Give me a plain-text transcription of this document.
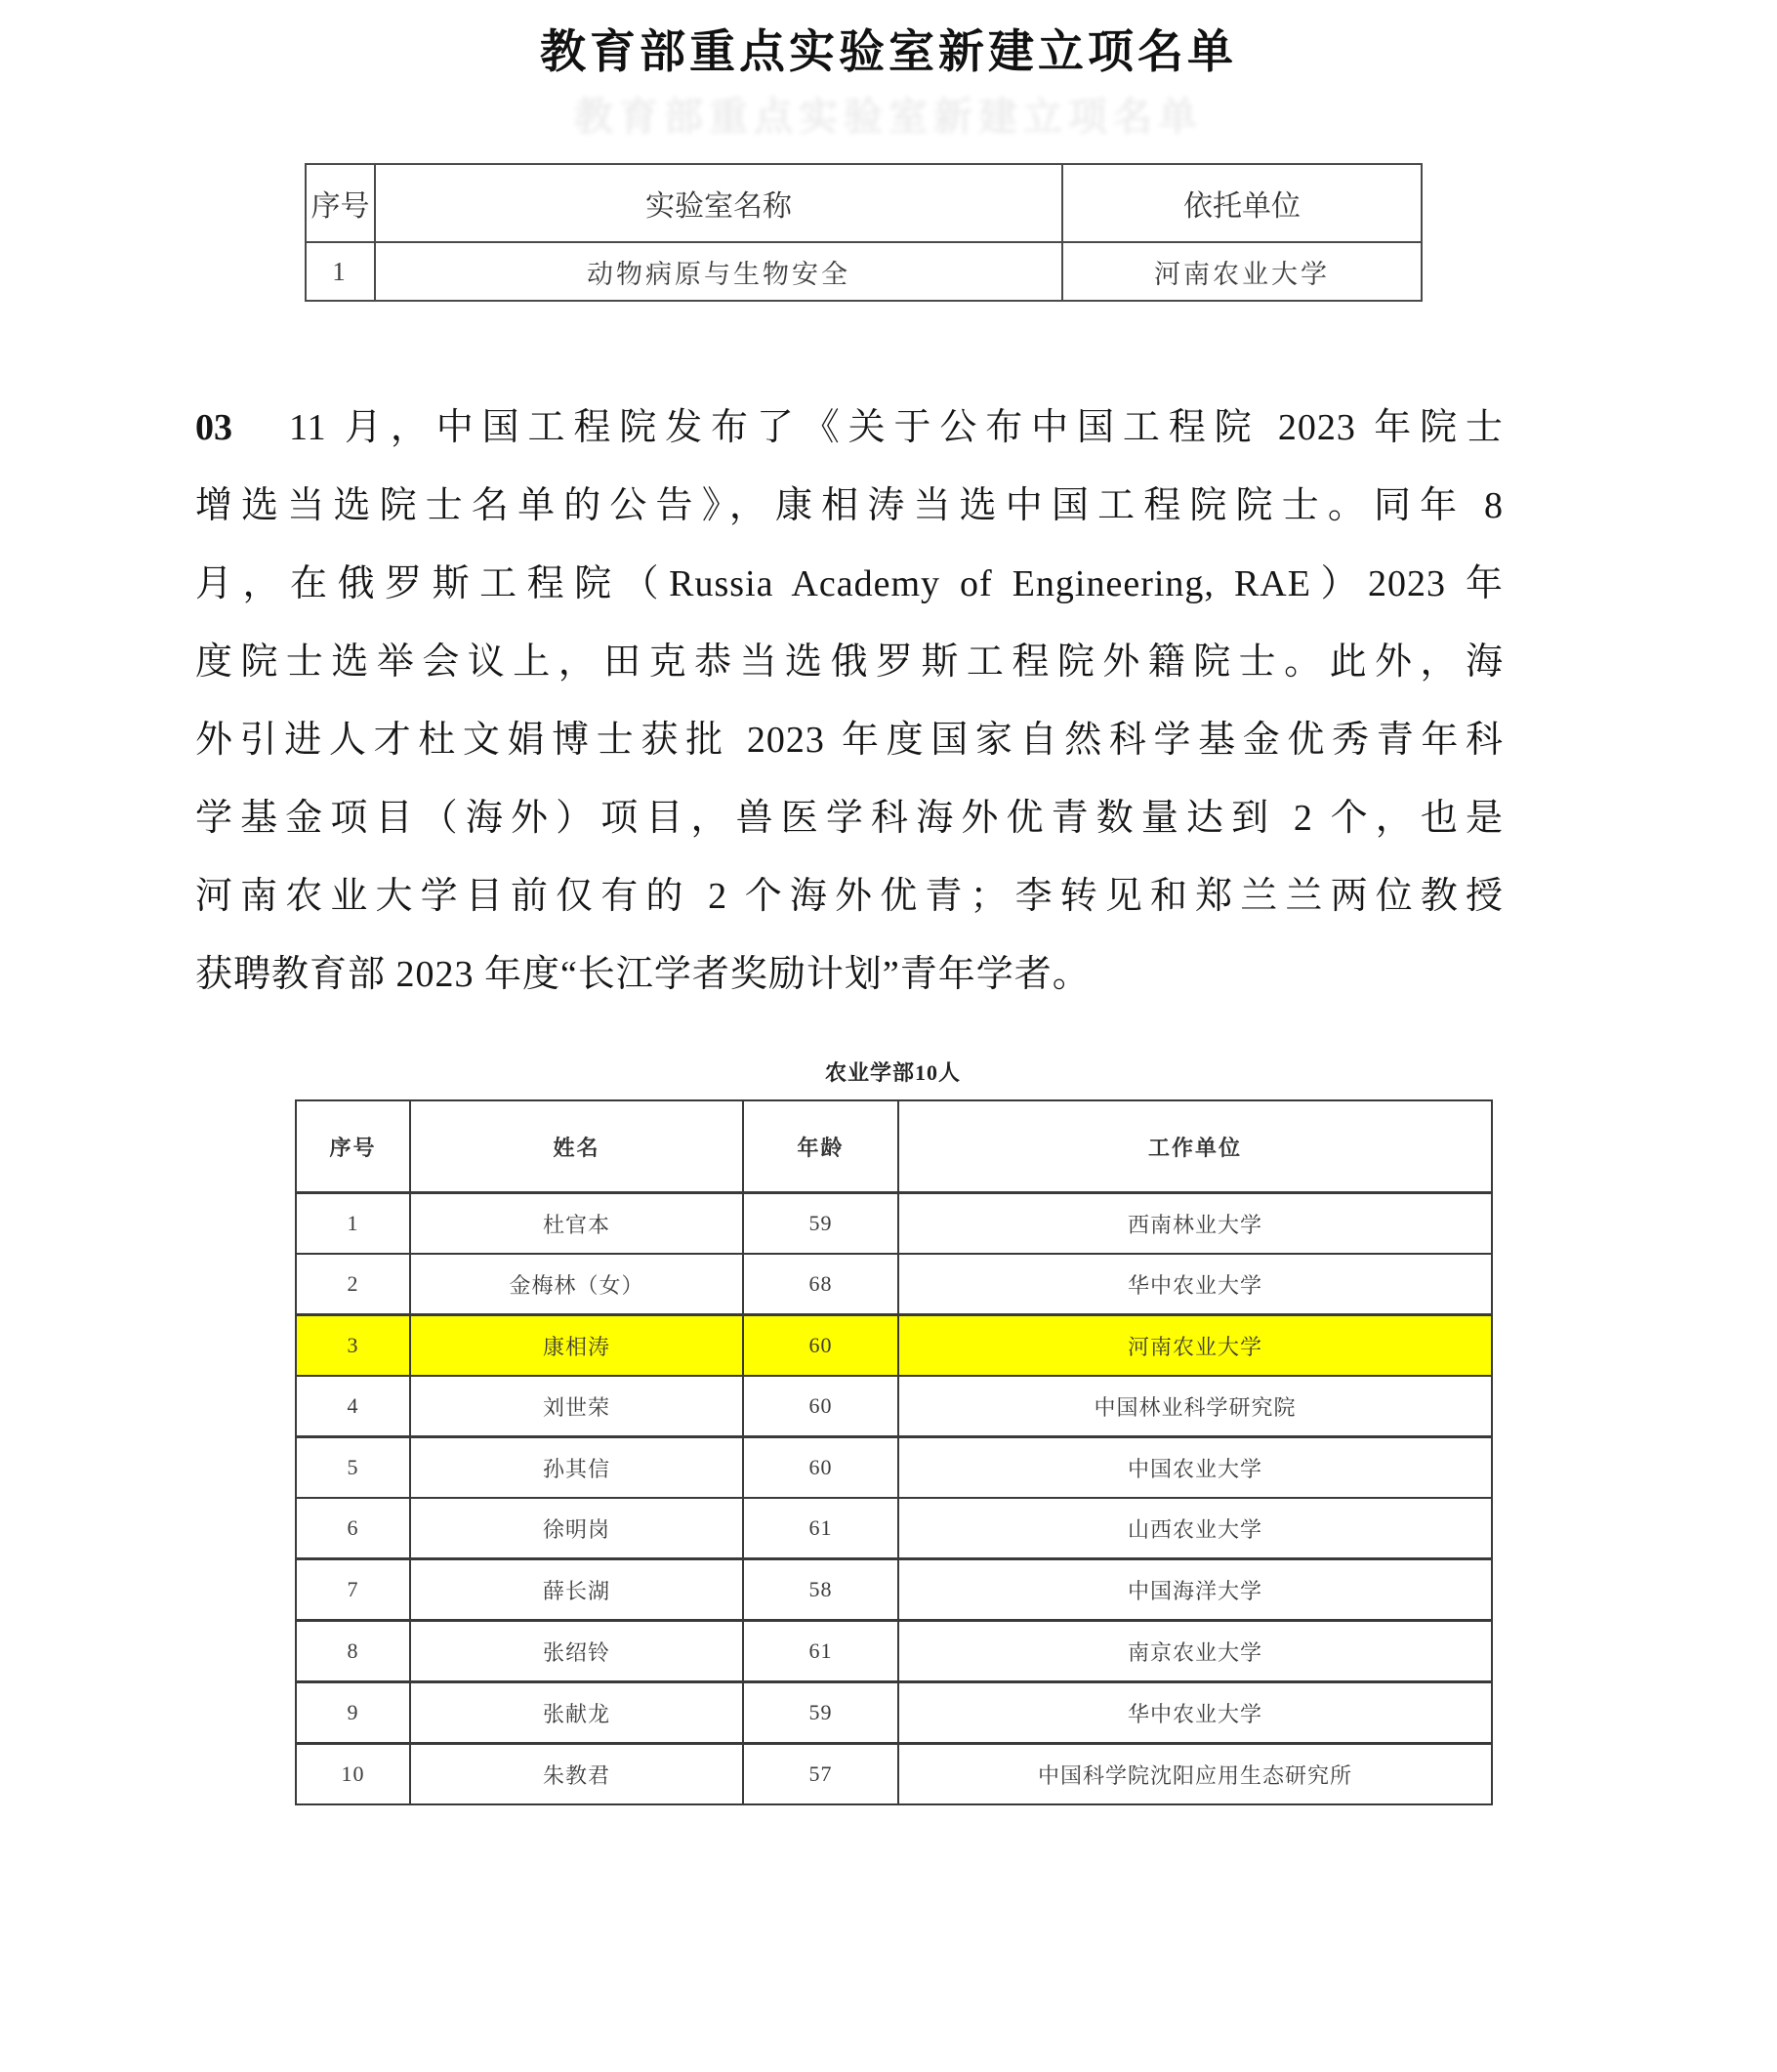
教育部重点实验室新建立项名单
教育部重点实验室新建立项名单
序号	实验室名称	依托单位
1	动物病原与生物安全	河南农业大学
03 11 月，中国工程院发布了《关于公布中国工程院 2023 年院士
增选当选院士名单的公告》，康相涛当选中国工程院院士。同年 8
月，在俄罗斯工程院（Russia Academy of Engineering, RAE）2023 年
度院士选举会议上，田克恭当选俄罗斯工程院外籍院士。此外，海
外引进人才杜文娟博士获批 2023 年度国家自然科学基金优秀青年科
学基金项目（海外）项目，兽医学科海外优青数量达到 2 个，也是
河南农业大学目前仅有的 2 个海外优青；李转见和郑兰兰两位教授
获聘教育部 2023 年度“长江学者奖励计划”青年学者。
农业学部10人
序号	姓名	年龄	工作单位
1	杜官本	59	西南林业大学
2	金梅林（女）	68	华中农业大学
3	康相涛	60	河南农业大学
4	刘世荣	60	中国林业科学研究院
5	孙其信	60	中国农业大学
6	徐明岗	61	山西农业大学
7	薛长湖	58	中国海洋大学
8	张绍铃	61	南京农业大学
9	张献龙	59	华中农业大学
10	朱教君	57	中国科学院沈阳应用生态研究所
